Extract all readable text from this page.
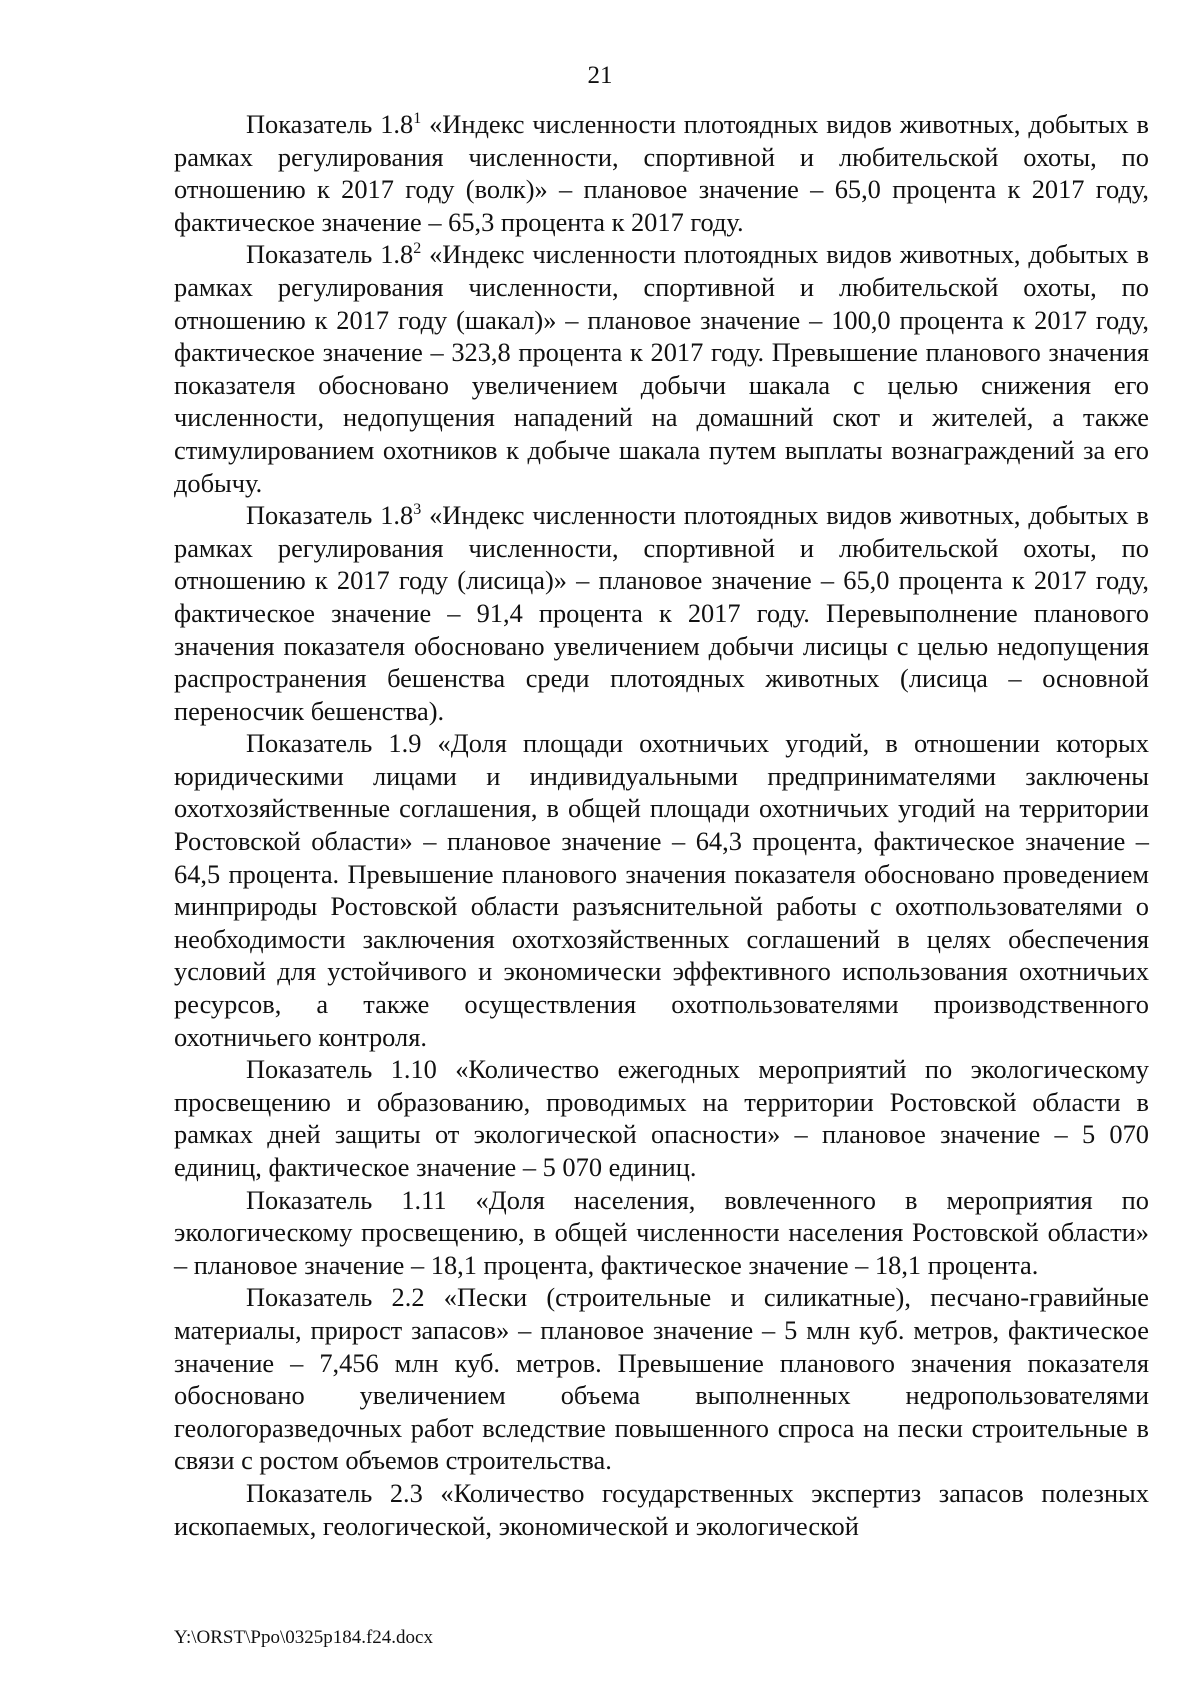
21

Показатель $1.8^1$ «Индекс численности плотоядных видов животных, добытых в рамках регулирования численности, спортивной и любительской охоты, по отношению к 2017 году (волк)» – плановое значение – 65,0 процента к 2017 году, фактическое значение – 65,3 процента к 2017 году.

Показатель $1.8^2$ «Индекс численности плотоядных видов животных, добытых в рамках регулирования численности, спортивной и любительской охоты, по отношению к 2017 году (шакал)» – плановое значение – 100,0 процента к 2017 году, фактическое значение – 323,8 процента к 2017 году. Превышение планового значения показателя обосновано увеличением добычи шакала с целью снижения его численности, недопущения нападений на домашний скот и жителей, а также стимулированием охотников к добыче шакала путем выплаты вознаграждений за его добычу.

Показатель $1.8^3$ «Индекс численности плотоядных видов животных, добытых в рамках регулирования численности, спортивной и любительской охоты, по отношению к 2017 году (лисица)» – плановое значение – 65,0 процента к 2017 году, фактическое значение – 91,4 процента к 2017 году. Перевыполнение планового значения показателя обосновано увеличением добычи лисицы с целью недопущения распространения бешенства среди плотоядных животных (лисица – основной переносчик бешенства).

Показатель 1.9 «Доля площади охотничьих угодий, в отношении которых юридическими лицами и индивидуальными предпринимателями заключены охотхозяйственные соглашения, в общей площади охотничьих угодий на территории Ростовской области» – плановое значение – 64,3 процента, фактическое значение – 64,5 процента. Превышение планового значения показателя обосновано проведением минприроды Ростовской области разъяснительной работы с охотпользователями о необходимости заключения охотхозяйственных соглашений в целях обеспечения условий для устойчивого и экономически эффективного использования охотничьих ресурсов, а также осуществления охотпользователями производственного охотничьего контроля.

Показатель 1.10 «Количество ежегодных мероприятий по экологическому просвещению и образованию, проводимых на территории Ростовской области в рамках дней защиты от экологической опасности» – плановое значение – 5 070 единиц, фактическое значение – 5 070 единиц.

Показатель 1.11 «Доля населения, вовлеченного в мероприятия по экологическому просвещению, в общей численности населения Ростовской области» – плановое значение – 18,1 процента, фактическое значение – 18,1 процента.

Показатель 2.2 «Пески (строительные и силикатные), песчано-гравийные материалы, прирост запасов» – плановое значение – 5 млн куб. метров, фактическое значение – 7,456 млн куб. метров. Превышение планового значения показателя обосновано увеличением объема выполненных недропользователями геологоразведочных работ вследствие повышенного спроса на пески строительные в связи с ростом объемов строительства.

Показатель 2.3 «Количество государственных экспертиз запасов полезных ископаемых, геологической, экономической и экологической

Y:\ORST\Ppo\0325p184.f24.docx
